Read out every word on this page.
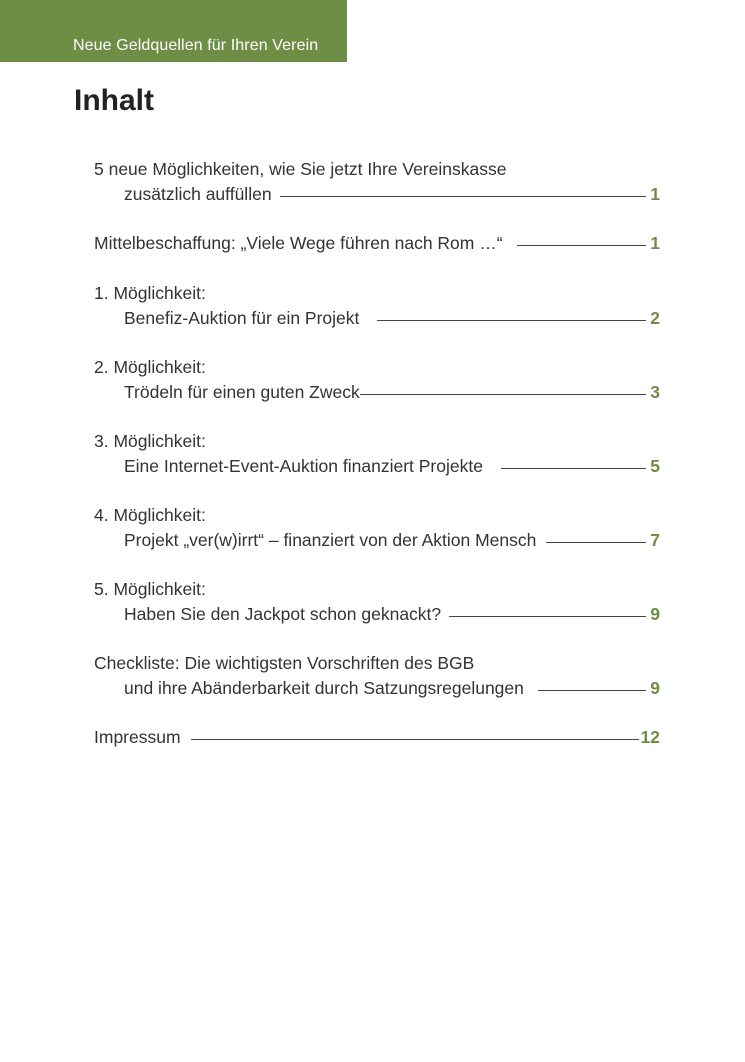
Neue Geldquellen für Ihren Verein
Inhalt
5 neue Möglichkeiten, wie Sie jetzt Ihre Vereinskasse
zusätzlich auffüllen	1
Mittelbeschaffung: „Viele Wege führen nach Rom …“	1
1. Möglichkeit:
Benefiz-Auktion für ein Projekt	2
2. Möglichkeit:
Trödeln für einen guten Zweck	3
3. Möglichkeit:
Eine Internet-Event-Auktion finanziert Projekte	5
4. Möglichkeit:
Projekt „ver(w)irrt“ – finanziert von der Aktion Mensch	7
5. Möglichkeit:
Haben Sie den Jackpot schon geknackt?	9
Checkliste: Die wichtigsten Vorschriften des BGB
und ihre Abänderbarkeit durch Satzungsregelungen	9
Impressum	12
